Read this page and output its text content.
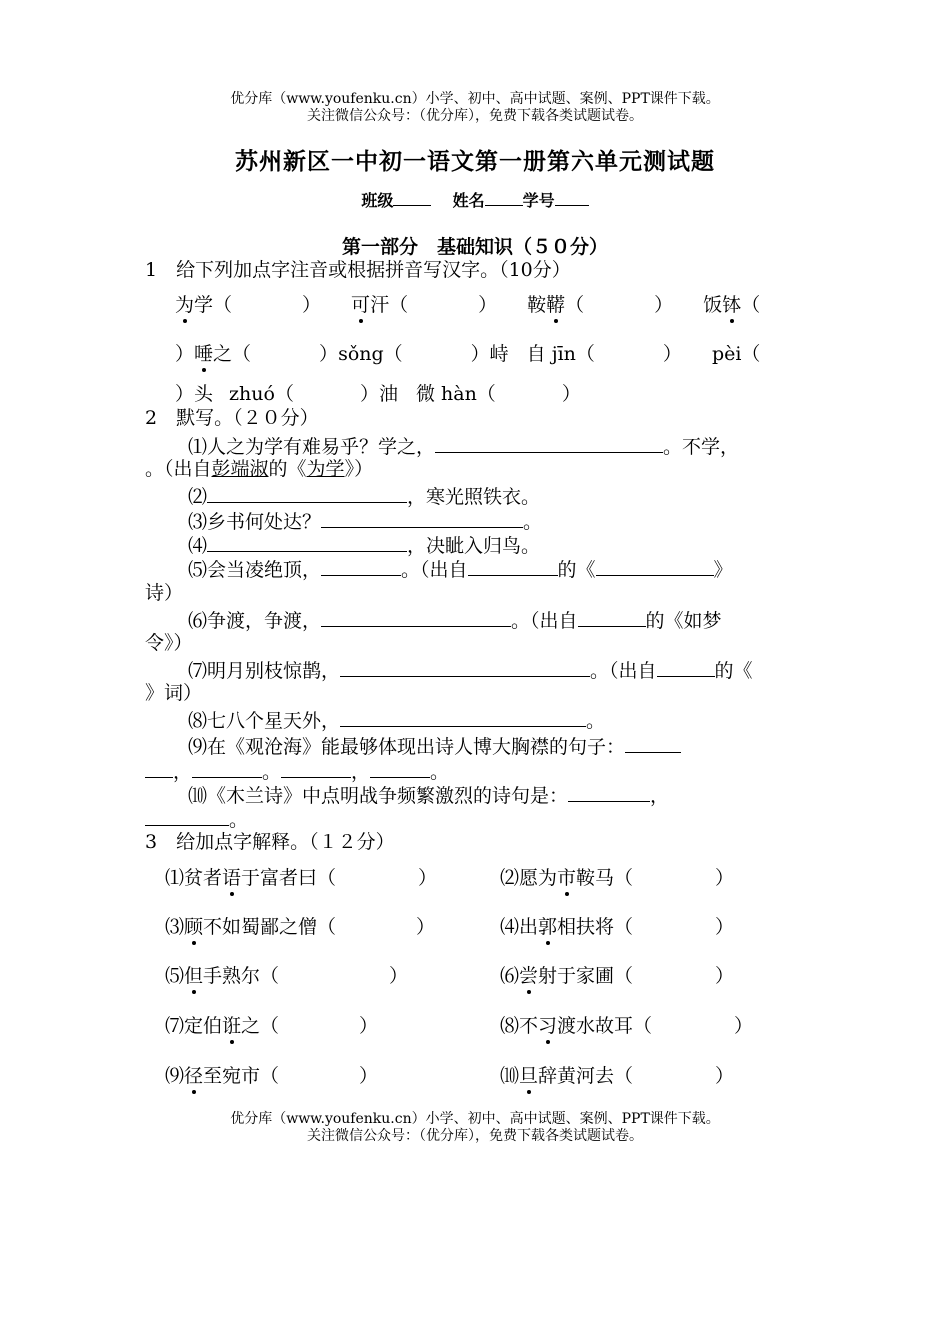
优分库（www.youfenku.cn）小学、初中、高中试题、案例、PPT课件下载。
关注微信公众号：（优分库），免费下载各类试题试卷。
苏州新区一中初一语文第一册第六单元测试题
班级	姓名 学号
第一部分　基础知识（５０分）
1　给下列加点字注音或根据拼音写汉字。（10分）
为学（	） 可汗（	） 鞍鞯（	） 饭钵（
）唾之（	）sǒng（	）峙 自 jīn（	） pèi（
）头 zhuó（	）油 微 hàn（	）
2　默写。（２０分）
⑴人之为学有难易乎？学之，	。不学，
。（出自彭端淑的《为学》）
⑵	，寒光照铁衣。
⑶乡书何处达？	。
⑷	，决眦入归鸟。
⑸会当凌绝顶，	。（出自	的《	》
诗）
⑹争渡，争渡，	。（出自	的《如梦
令》）
⑺明月别枝惊鹊，	。（出自	的《
》词）
⑻七八个星天外，	。
⑼在《观沧海》能最够体现出诗人博大胸襟的句子：
，	。	，	。
⑽《木兰诗》中点明战争频繁激烈的诗句是：	，
。
3　给加点字解释。（１２分）
⑴贫者语于富者曰（	）	⑵愿为市鞍马（	）
⑶顾不如蜀鄙之僧（	）	⑷出郭相扶将（	）
⑸但手熟尔（	）	⑹尝射于家圃（	）
⑺定伯诳之（	）	⑻不习渡水故耳（	）
⑼径至宛市（	）	⑽旦辞黄河去（	）
优分库（www.youfenku.cn）小学、初中、高中试题、案例、PPT课件下载。
关注微信公众号：（优分库），免费下载各类试题试卷。
